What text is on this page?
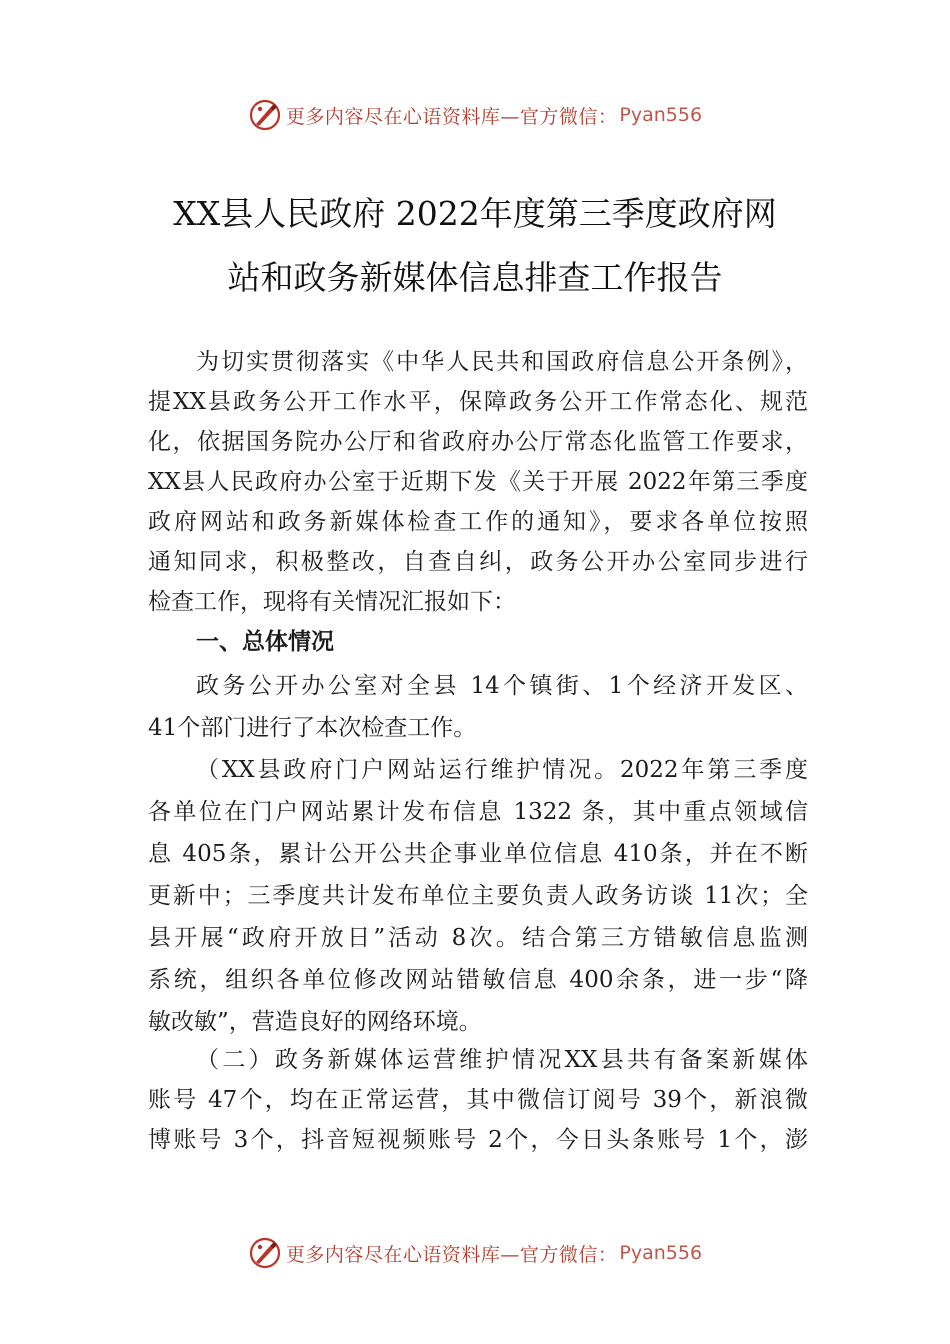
更多内容尽在心语资料库—官方微信： Pyan556
XX县人民政府 2022年度第三季度政府网
站和政务新媒体信息排查工作报告
为切实贯彻落实《中华人民共和国政府信息公开条例》，
提XX县政务公开工作水平，保障政务公开工作常态化、规范
化，依据国务院办公厅和省政府办公厅常态化监管工作要求，
XX县人民政府办公室于近期下发《关于开展 2022年第三季度
政府网站和政务新媒体检查工作的通知》，要求各单位按照
通知同求，积极整改，自查自纠，政务公开办公室同步进行
检查工作，现将有关情况汇报如下：
一、总体情况
政务公开办公室对全县 14个镇街、1个经济开发区、
41个部门进行了本次检查工作。
（XX县政府门户网站运行维护情况。2022年第三季度
各单位在门户网站累计发布信息 1322 条，其中重点领域信
息 405条，累计公开公共企事业单位信息 410条，并在不断
更新中；三季度共计发布单位主要负责人政务访谈 11次；全
县开展“政府开放日”活动 8次。结合第三方错敏信息监测
系统，组织各单位修改网站错敏信息 400余条，进一步“降
敏改敏”，营造良好的网络环境。
（二）政务新媒体运营维护情况XX县共有备案新媒体
账号 47个，均在正常运营，其中微信订阅号 39个，新浪微
博账号 3个，抖音短视频账号 2个，今日头条账号 1个，澎
更多内容尽在心语资料库—官方微信： Pyan556
